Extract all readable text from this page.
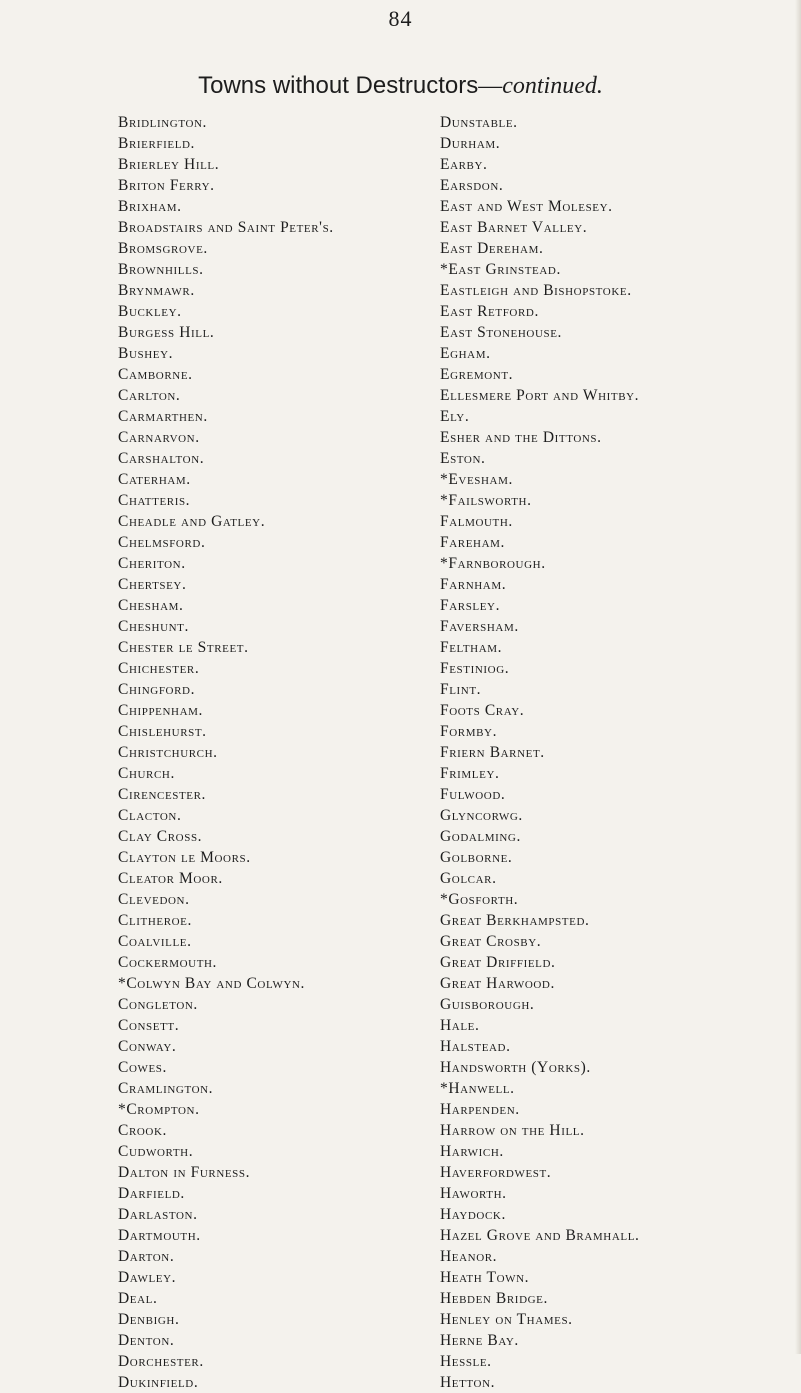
84
Towns without Destructors—continued.
Bridlington.
Brierfield.
Brierley Hill.
Briton Ferry.
Brixham.
Broadstairs and Saint Peter's.
Bromsgrove.
Brownhills.
Brynmawr.
Buckley.
Burgess Hill.
Bushey.
Camborne.
Carlton.
Carmarthen.
Carnarvon.
Carshalton.
Caterham.
Chatteris.
Cheadle and Gatley.
Chelmsford.
Cheriton.
Chertsey.
Chesham.
Cheshunt.
Chester le Street.
Chichester.
Chingford.
Chippenham.
Chislehurst.
Christchurch.
Church.
Cirencester.
Clacton.
Clay Cross.
Clayton le Moors.
Cleator Moor.
Clevedon.
Clitheroe.
Coalville.
Cockermouth.
*Colwyn Bay and Colwyn.
Congleton.
Consett.
Conway.
Cowes.
Cramlington.
*Crompton.
Crook.
Cudworth.
Dalton in Furness.
Darfield.
Darlaston.
Dartmouth.
Darton.
Dawley.
Deal.
Denbigh.
Denton.
Dorchester.
Dukinfield.
Dunstable.
Durham.
Earby.
Earsdon.
East and West Molesey.
East Barnet Valley.
East Dereham.
*East Grinstead.
Eastleigh and Bishopstoke.
East Retford.
East Stonehouse.
Egham.
Egremont.
Ellesmere Port and Whitby.
Ely.
Esher and the Dittons.
Eston.
*Evesham.
*Failsworth.
Falmouth.
Fareham.
*Farnborough.
Farnham.
Farsley.
Faversham.
Feltham.
Festiniog.
Flint.
Foots Cray.
Formby.
Friern Barnet.
Frimley.
Fulwood.
Glyncorwg.
Godalming.
Golborne.
Golcar.
*Gosforth.
Great Berkhampsted.
Great Crosby.
Great Driffield.
Great Harwood.
Guisborough.
Hale.
Halstead.
Handsworth (Yorks).
*Hanwell.
Harpenden.
Harrow on the Hill.
Harwich.
Haverfordwest.
Haworth.
Haydock.
Hazel Grove and Bramhall.
Heanor.
Heath Town.
Hebden Bridge.
Henley on Thames.
Herne Bay.
Hessle.
Hetton.
